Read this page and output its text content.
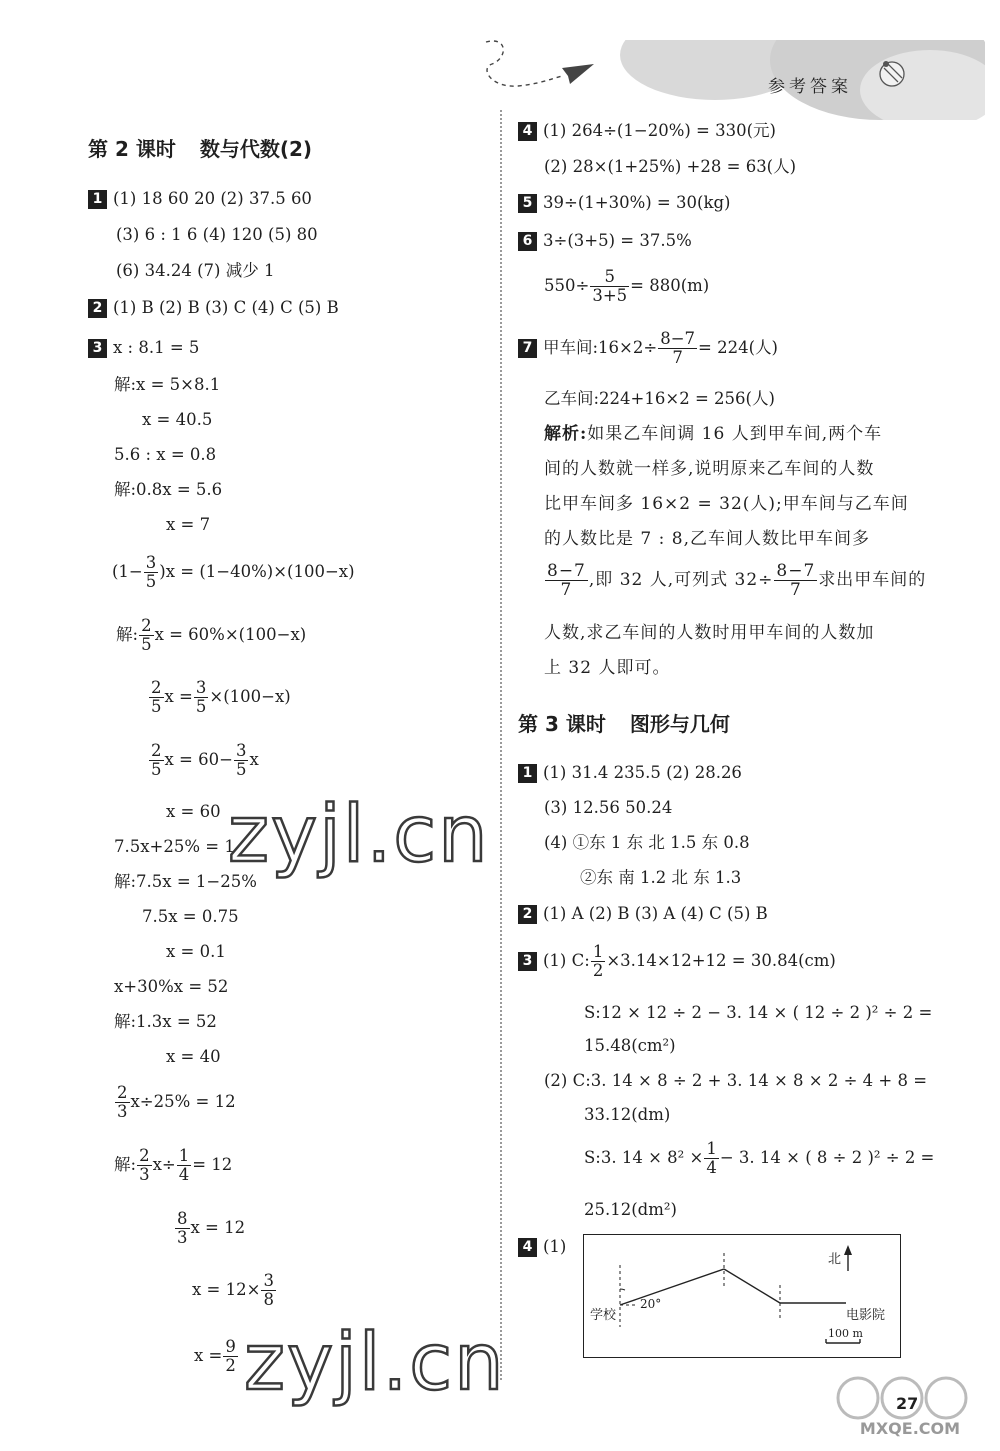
参考答案
第 2 课时 数与代数(2)
1 (1) 18 60 20 (2) 37.5 60
(3) 6 : 1 6 (4) 120 (5) 80
(6) 34.24 (7) 减少 1
2 (1) B (2) B (3) C (4) C (5) B
3 x : 8.1 = 5
解:x = 5×8.1
x = 40.5
5.6 : x = 0.8
解:0.8x = 5.6
x = 7
$(1- \frac{3}{5} )x = (1-40\%)\times(100-x)$
解: $\frac{2}{5}$ x = 60%×(100−x)
$\frac{2}{5}$ $x = \frac{3}{5} \times(100-x)$
$\frac{2}{5}$ $x = 60- \frac{3}{5}$ x
x = 60
7.5x+25% = 1
解:7.5x = 1−25%
7.5x = 0.75
x = 0.1
x+30%x = 52
解:1.3x = 52
x = 40
$\frac{2}{3} x\div 25\% = 12$
解: $\frac{2}{3} x\div \frac{1}{4} = 12$
$\frac{8}{3}$ x = 12
$x = 12\times \frac{3}{8}$
$x = \frac{9}{2}$
4 (1) 264÷(1−20%) = 330(元)
(2) 28×(1+25%) +28 = 63(人)
5 39÷(1+30%) = 30(kg)
6 3÷(3+5) = 37.5%
$550\div \frac{5}{3+5} = 880(m)$
7 甲车间:16×2÷ $\frac{8-7}{7} = 224$(人)
乙车间:224+16×2 = 256(人)
解析:如果乙车间调 16 人到甲车间,两个车
间的人数就一样多,说明原来乙车间的人数
比甲车间多 16×2 = 32(人);甲车间与乙车间
的人数比是 7 : 8,乙车间人数比甲车间多
$\frac{8-7}{7}$ ,即 32 人,可列式 $32\div \frac{8-7}{7}$ 求出甲车间的
人数,求乙车间的人数时用甲车间的人数加
上 32 人即可。
第 3 课时 图形与几何
1 (1) 31.4 235.5 (2) 28.26
(3) 12.56 50.24
(4) ①东 1 东 北 1.5 东 0.8
②东 南 1.2 北 东 1.3
2 (1) A (2) B (3) A (4) C (5) B
3 (1) C: $\frac{1}{2} \times 3.14\times 12+12 = 30.84(cm)$
S:12 × 12 ÷ 2 − 3. 14 × ( 12 ÷ 2 )² ÷ 2 =
15.48(cm²)
(2) C:3. 14 × 8 ÷ 2 + 3. 14 × 8 × 2 ÷ 4 + 8 =
33.12(dm)
S:3. $14 \times 8^2 \times \frac{1}{4} - 3$. 14 × ( 8 ÷ 2 )² ÷ 2 =
25.12(dm²)
4 (1)
北
学校
20°
电影院
100 m
zyjl.cn
zyjl.cn
MXQE.COM
27
